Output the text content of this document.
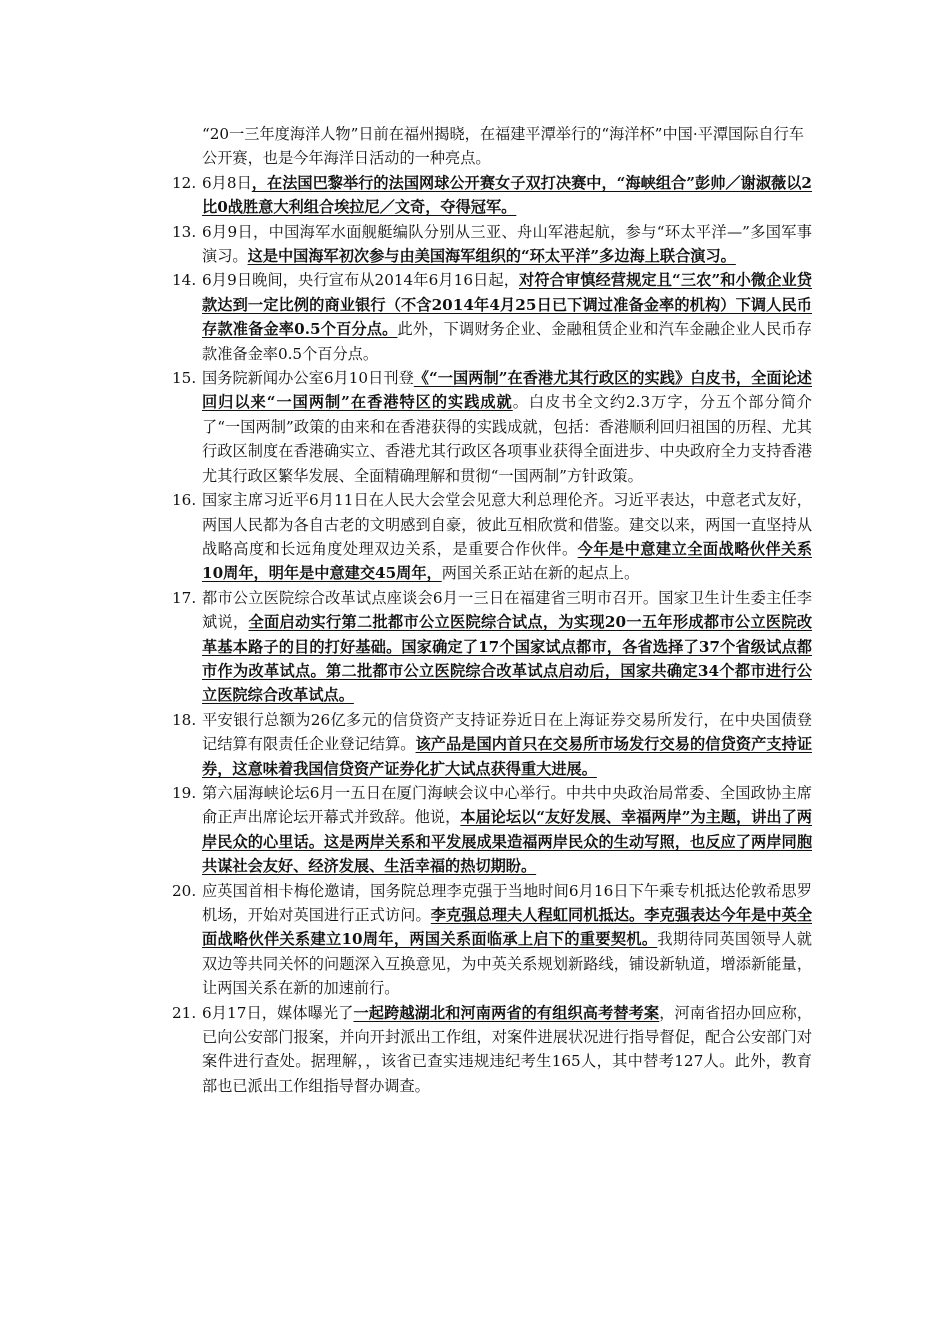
“20一三年度海洋人物”日前在福州揭晓，在福建平潭举行的“海洋杯”中国·平潭国际自行车公开赛，也是今年海洋日活动的一种亮点。

12. 6月8日，在法国巴黎举行的法国网球公开赛女子双打决赛中，“海峡组合”彭帅／谢淑薇以2比0战胜意大利组合埃拉尼／文奇，夺得冠军。
13. 6月9日，中国海军水面舰艇编队分别从三亚、舟山军港起航，参与“环太平洋—”多国军事演习。这是中国海军初次参与由美国海军组织的“环太平洋”多边海上联合演习。
14. 6月9日晚间，央行宣布从2014年6月16日起，对符合审慎经营规定且“三农”和小微企业贷款达到一定比例的商业银行（不含2014年4月25日已下调过准备金率的机构）下调人民币存款准备金率0.5个百分点。此外，下调财务企业、金融租赁企业和汽车金融企业人民币存款准备金率0.5个百分点。
15. 国务院新闻办公室6月10日刊登《“一国两制”在香港尤其行政区的实践》白皮书，全面论述回归以来“一国两制”在香港特区的实践成就。白皮书全文约2.3万字，分五个部分简介了“一国两制”政策的由来和在香港获得的实践成就，包括：香港顺利回归祖国的历程、尤其行政区制度在香港确实立、香港尤其行政区各项事业获得全面进步、中央政府全力支持香港尤其行政区繁华发展、全面精确理解和贯彻“一国两制”方针政策。
16. 国家主席习近平6月11日在人民大会堂会见意大利总理伦齐。习近平表达，中意老式友好，两国人民都为各自古老的文明感到自豪，彼此互相欣赏和借鉴。建交以来，两国一直坚持从战略高度和长远角度处理双边关系，是重要合作伙伴。今年是中意建立全面战略伙伴关系10周年，明年是中意建交45周年，两国关系正站在新的起点上。
17. 都市公立医院综合改革试点座谈会6月一三日在福建省三明市召开。国家卫生计生委主任李斌说，全面启动实行第二批都市公立医院综合试点，为实现20一五年形成都市公立医院改革基本路子的目的打好基础。国家确定了17个国家试点都市，各省选择了37个省级试点都市作为改革试点。第二批都市公立医院综合改革试点启动后，国家共确定34个都市进行公立医院综合改革试点。
18. 平安银行总额为26亿多元的信贷资产支持证券近日在上海证券交易所发行，在中央国债登记结算有限责任企业登记结算。该产品是国内首只在交易所市场发行交易的信贷资产支持证券，这意味着我国信贷资产证券化扩大试点获得重大进展。
19. 第六届海峡论坛6月一五日在厦门海峡会议中心举行。中共中央政治局常委、全国政协主席俞正声出席论坛开幕式并致辞。他说，本届论坛以“友好发展、幸福两岸”为主题，讲出了两岸民众的心里话。这是两岸关系和平发展成果造福两岸民众的生动写照，也反应了两岸同胞共谋社会友好、经济发展、生活幸福的热切期盼。
20. 应英国首相卡梅伦邀请，国务院总理李克强于当地时间6月16日下午乘专机抵达伦敦希思罗机场，开始对英国进行正式访问。李克强总理夫人程虹同机抵达。李克强表达今年是中英全面战略伙伴关系建立10周年，两国关系面临承上启下的重要契机。我期待同英国领导人就双边等共同关怀的问题深入互换意见，为中英关系规划新路线，铺设新轨道，增添新能量，让两国关系在新的加速前行。
21. 6月17日，媒体曝光了一起跨越湖北和河南两省的有组织高考替考案，河南省招办回应称，已向公安部门报案，并向开封派出工作组，对案件进展状况进行指导督促，配合公安部门对案件进行查处。据理解，，该省已查实违规违纪考生165人，其中替考127人。此外，教育部也已派出工作组指导督办调查。
